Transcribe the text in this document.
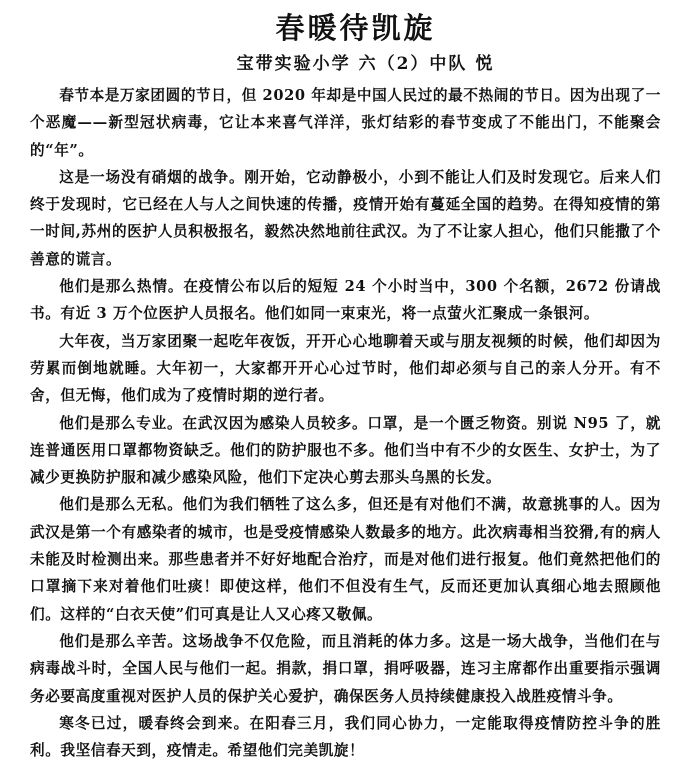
春暖待凯旋
宝带实验小学 六（2）中队 悦

春节本是万家团圆的节日，但 2020 年却是中国人民过的最不热闹的节日。因为出现了一个恶魔——新型冠状病毒，它让本来喜气洋洋，张灯结彩的春节变成了不能出门，不能聚会的“年”。

这是一场没有硝烟的战争。刚开始，它动静极小，小到不能让人们及时发现它。后来人们终于发现时，它已经在人与人之间快速的传播，疫情开始有蔓延全国的趋势。在得知疫情的第一时间,苏州的医护人员积极报名，毅然决然地前往武汉。为了不让家人担心，他们只能撒了个善意的谎言。

他们是那么热情。在疫情公布以后的短短 24 个小时当中，300 个名额，2672 份请战书。有近 3 万个位医护人员报名。他们如同一束束光，将一点萤火汇聚成一条银河。

大年夜，当万家团聚一起吃年夜饭，开开心心地聊着天或与朋友视频的时候，他们却因为劳累而倒地就睡。大年初一，大家都开开心心过节时，他们却必须与自己的亲人分开。有不舍，但无悔，他们成为了疫情时期的逆行者。

他们是那么专业。在武汉因为感染人员较多。口罩，是一个匮乏物资。别说 N95 了，就连普通医用口罩都物资缺乏。他们的防护服也不多。他们当中有不少的女医生、女护士，为了减少更换防护服和减少感染风险，他们下定决心剪去那头乌黑的长发。

他们是那么无私。他们为我们牺牲了这么多，但还是有对他们不满，故意挑事的人。因为武汉是第一个有感染者的城市，也是受疫情感染人数最多的地方。此次病毒相当狡猾,有的病人未能及时检测出来。那些患者并不好好地配合治疗，而是对他们进行报复。他们竟然把他们的口罩摘下来对着他们吐痰！即使这样，他们不但没有生气，反而还更加认真细心地去照顾他们。这样的“白衣天使”们可真是让人又心疼又敬佩。

他们是那么辛苦。这场战争不仅危险，而且消耗的体力多。这是一场大战争，当他们在与病毒战斗时，全国人民与他们一起。捐款，捐口罩，捐呼吸器，连习主席都作出重要指示强调务必要高度重视对医护人员的保护关心爱护，确保医务人员持续健康投入战胜疫情斗争。

寒冬已过，暖春终会到来。在阳春三月，我们同心协力，一定能取得疫情防控斗争的胜利。我坚信春天到，疫情走。希望他们完美凯旋！
